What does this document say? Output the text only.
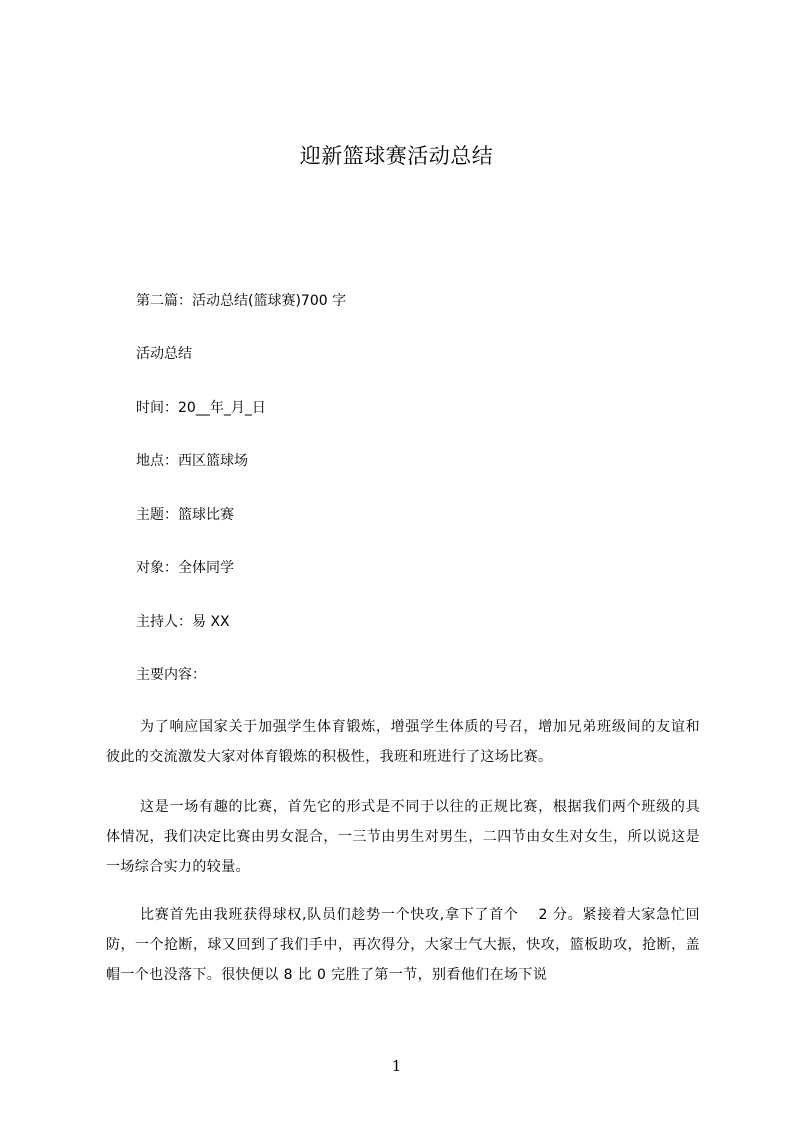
迎新篮球赛活动总结
第二篇：活动总结(篮球赛)700 字
活动总结
时间：20__年_月_日
地点：西区篮球场
主题：篮球比赛
对象：全体同学
主持人：易 XX
主要内容：
为了响应国家关于加强学生体育锻炼，增强学生体质的号召，增加兄弟班级间的友谊和彼此的交流激发大家对体育锻炼的积极性，我班和班进行了这场比赛。
这是一场有趣的比赛，首先它的形式是不同于以往的正规比赛，根据我们两个班级的具体情况，我们决定比赛由男女混合，一三节由男生对男生，二四节由女生对女生，所以说这是一场综合实力的较量。
比赛首先由我班获得球权,队员们趁势一个快攻,拿下了首个　 2 分。紧接着大家急忙回防，一个抢断，球又回到了我们手中，再次得分，大家士气大振，快攻，篮板助攻，抢断，盖帽一个也没落下。很快便以 8 比 0 完胜了第一节，别看他们在场下说
1
